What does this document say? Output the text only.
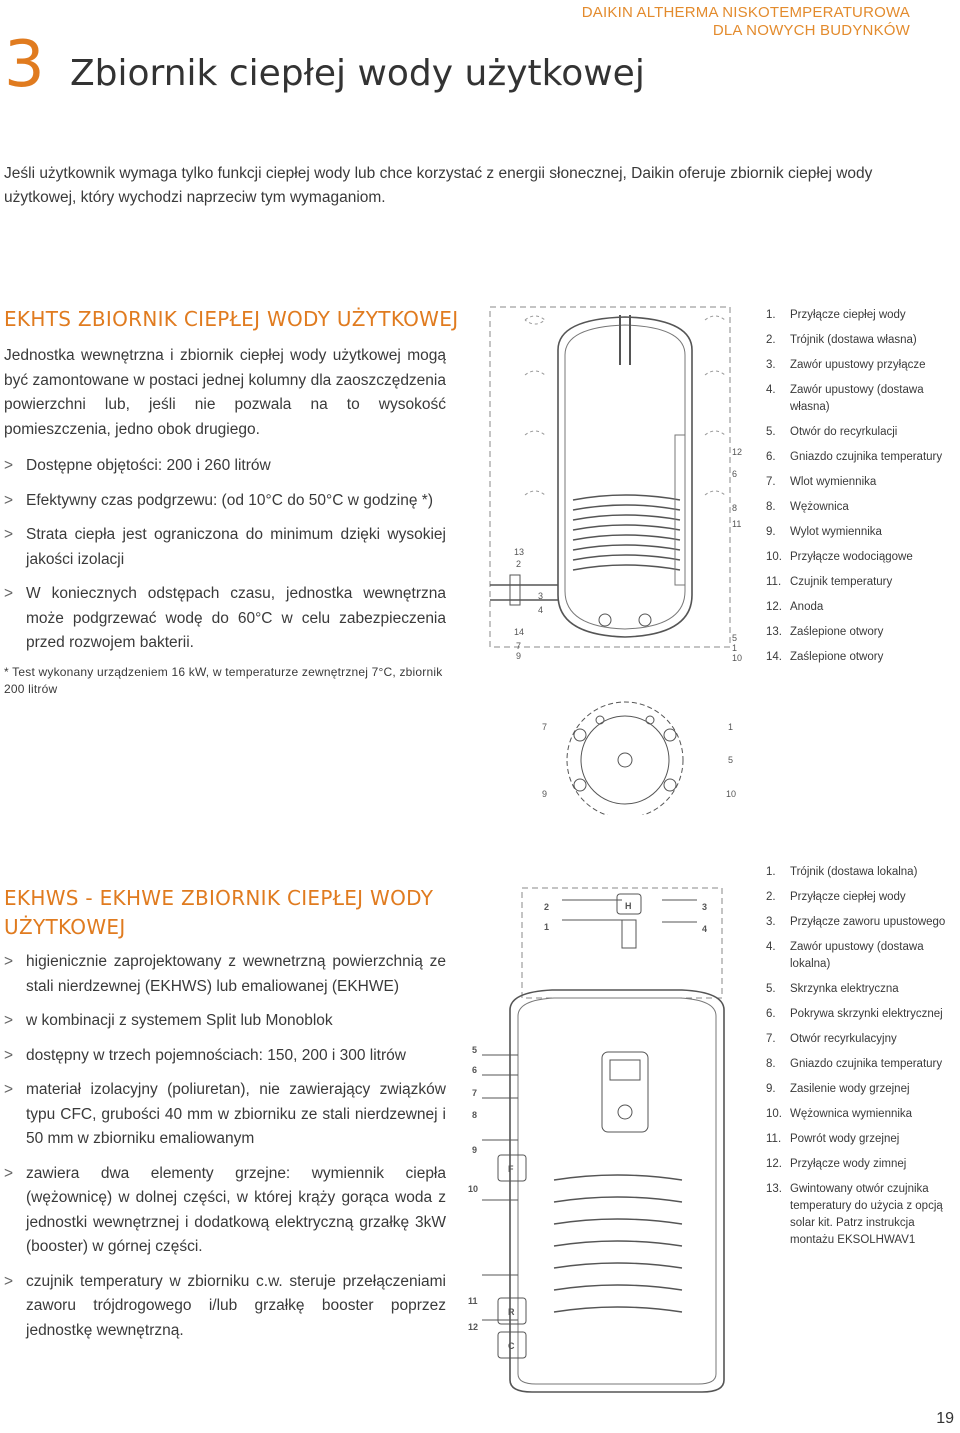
DAIKIN ALTHERMA NISKOTEMPERATUROWA
DLA NOWYCH BUDYNKÓW
3 Zbiornik ciepłej wody użytkowej
Jeśli użytkownik wymaga tylko funkcji ciepłej wody lub chce korzystać z energii słonecznej, Daikin oferuje zbiornik ciepłej wody użytkowej, który wychodzi naprzeciw tym wymaganiom.
EKHTS ZBIORNIK CIEPŁEJ WODY UŻYTKOWEJ
Jednostka wewnętrzna i zbiornik ciepłej wody użytkowej mogą być zamontowane w postaci jednej kolumny dla zaoszczędzenia powierzchni lub, jeśli nie pozwala na to wysokość pomieszczenia, jedno obok drugiego.
> Dostępne objętości: 200 i 260 litrów
> Efektywny czas podgrzewu: (od 10°C do 50°C w godzinę *)
> Strata ciepła jest ograniczona do minimum dzięki wysokiej jakości izolacji
> W koniecznych odstępach czasu, jednostka wewnętrzna może podgrzewać wodę do 60°C w celu zabezpieczenia przed rozwojem bakterii.
* Test wykonany urządzeniem 16 kW, w temperaturze zewnętrznej 7°C, zbiornik 200 litrów
12
6
8
11
5
1
10
13
2
3
4
14
7
9
7	1
5
9	10
1. Przyłącze ciepłej wody
2. Trójnik (dostawa własna)
3. Zawór upustowy przyłącze
4. Zawór upustowy (dostawa własna)
5. Otwór do recyrkulacji
6. Gniazdo czujnika temperatury
7. Wlot wymiennika
8. Wężownica
9. Wylot wymiennika
10. Przyłącze wodociągowe
11. Czujnik temperatury
12. Anoda
13. Zaślepione otwory
14. Zaślepione otwory
EKHWS - EKHWE ZBIORNIK CIEPŁEJ WODY
UŻYTKOWEJ
> higienicznie zaprojektowany z wewnetrzną powierzchnią ze stali nierdzewnej (EKHWS) lub emaliowanej (EKHWE)
> w kombinacji z systemem Split lub Monoblok
> dostępny w trzech pojemnościach: 150, 200 i 300 litrów
> materiał izolacyjny (poliuretan), nie zawierający związków typu CFC, grubości 40 mm w zbiorniku ze stali nierdzewnej i 50 mm w zbiorniku emaliowanym
> zawiera dwa elementy grzejne: wymiennik ciepła (wężownicę) w dolnej części, w której krąży gorąca woda z jednostki wewnętrznej i dodatkową elektryczną grzałkę 3kW (booster) w górnej części.
> czujnik temperatury w zbiorniku c.w. steruje przełączeniami zaworu trójdrogowego i/lub grzałkę booster poprzez jednostkę wewnętrzną.
2
1
3
4
5
6
7
8
9
10
11
12
H
F
R
C
1. Trójnik (dostawa lokalna)
2. Przyłącze ciepłej wody
3. Przyłącze zaworu upustowego
4. Zawór upustowy (dostawa lokalna)
5. Skrzynka elektryczna
6. Pokrywa skrzynki elektrycznej
7. Otwór recyrkulacyjny
8. Gniazdo czujnika temperatury
9. Zasilenie wody grzejnej
10. Wężownica wymiennika
11. Powrót wody grzejnej
12. Przyłącze wody zimnej
13. Gwintowany otwór czujnika temperatury do użycia z opcją solar kit. Patrz instrukcja montażu EKSOLHWAV1
19
